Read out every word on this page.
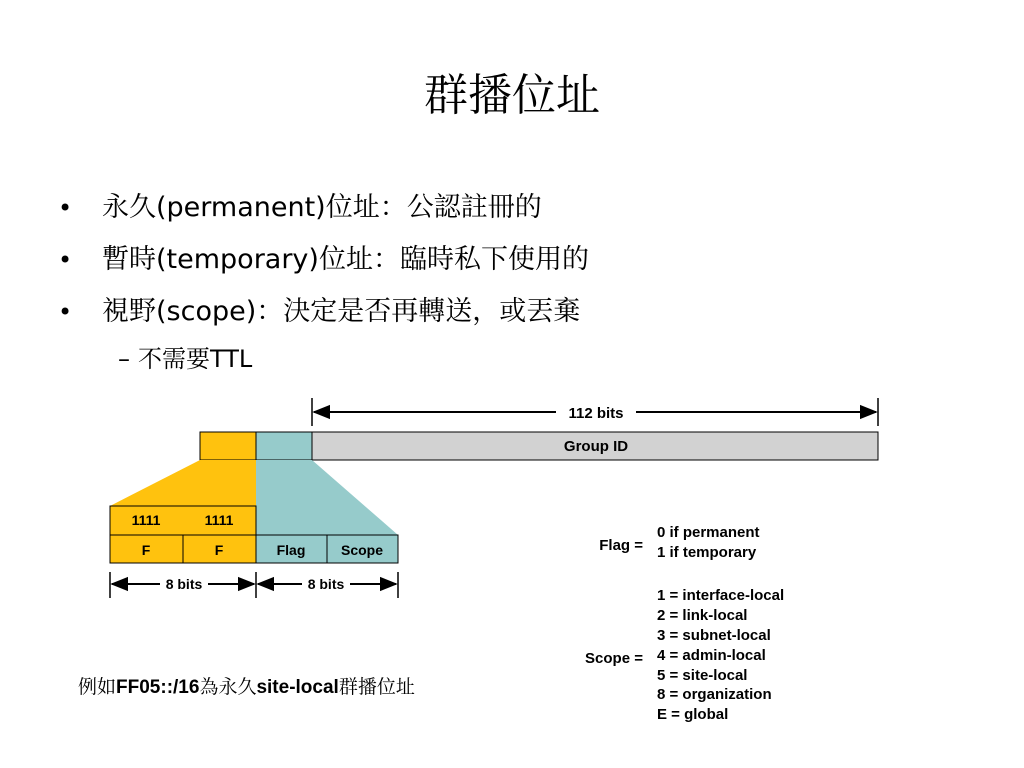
群播位址
• 永久(permanent)位址：公認註冊的
• 暫時(temporary)位址：臨時私下使用的
• 視野(scope)：決定是否再轉送，或丟棄
– 不需要TTL
112 bits
Group ID
1111	1111
F	F	Flag	Scope
8 bits	8 bits
Flag =
0 if permanent
1 if temporary
Scope =
1 = interface-local
2 = link-local
3 = subnet-local
4 = admin-local
5 = site-local
8 = organization
E = global
例如FF05::/16為永久site-local群播位址
